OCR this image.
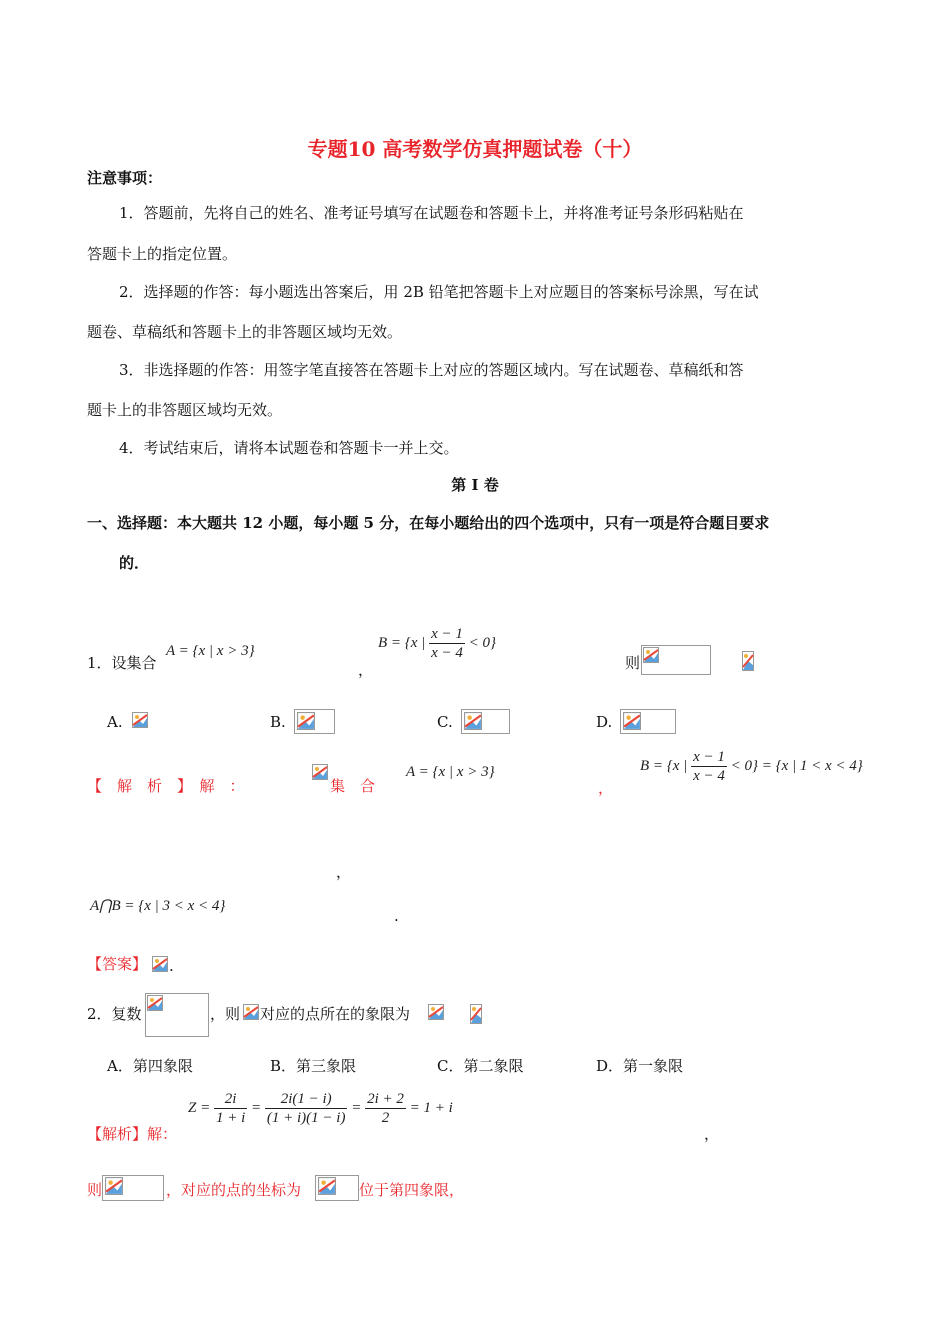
专题10 高考数学仿真押题试卷（十）
注意事项：
1．答题前，先将自己的姓名、准考证号填写在试题卷和答题卡上，并将准考证号条形码粘贴在
答题卡上的指定位置。
2．选择题的作答：每小题选出答案后，用 2B 铅笔把答题卡上对应题目的答案标号涂黑，写在试
题卷、草稿纸和答题卡上的非答题区域均无效。
3．非选择题的作答：用签字笔直接答在答题卡上对应的答题区域内。写在试题卷、草稿纸和答
题卡上的非答题区域均无效。
4．考试结束后，请将本试题卷和答题卡一并上交。
第 I 卷
一、选择题：本大题共 12 小题，每小题 5 分，在每小题给出的四个选项中，只有一项是符合题目要求
的．
1．设集合
A = {x | x > 3}
，
B = {x | $\frac{x - 1}{x - 4} < 0$}
则
A.	B.	C.	D.
【　解　析　】　解　：	集　合
A = {x | x > 3}
，
B = {x | $\frac{x - 1}{x - 4} < 0\} = \{x$ | 1 < x < 4}
，
A⋂B = {x | 3 < x < 4}
.
【答案】 .
2．复数	，则 对应的点所在的象限为
A．第四象限	B．第三象限	C．第二象限	D．第一象限
【解析】解：
$Z = \frac{2i}{1 + i} = \frac{2i(1 - i)}{(1 + i)(1 - i)} = \frac{2i + 2}{2} = 1 + i$
，
则	，对应的点的坐标为	位于第四象限，
